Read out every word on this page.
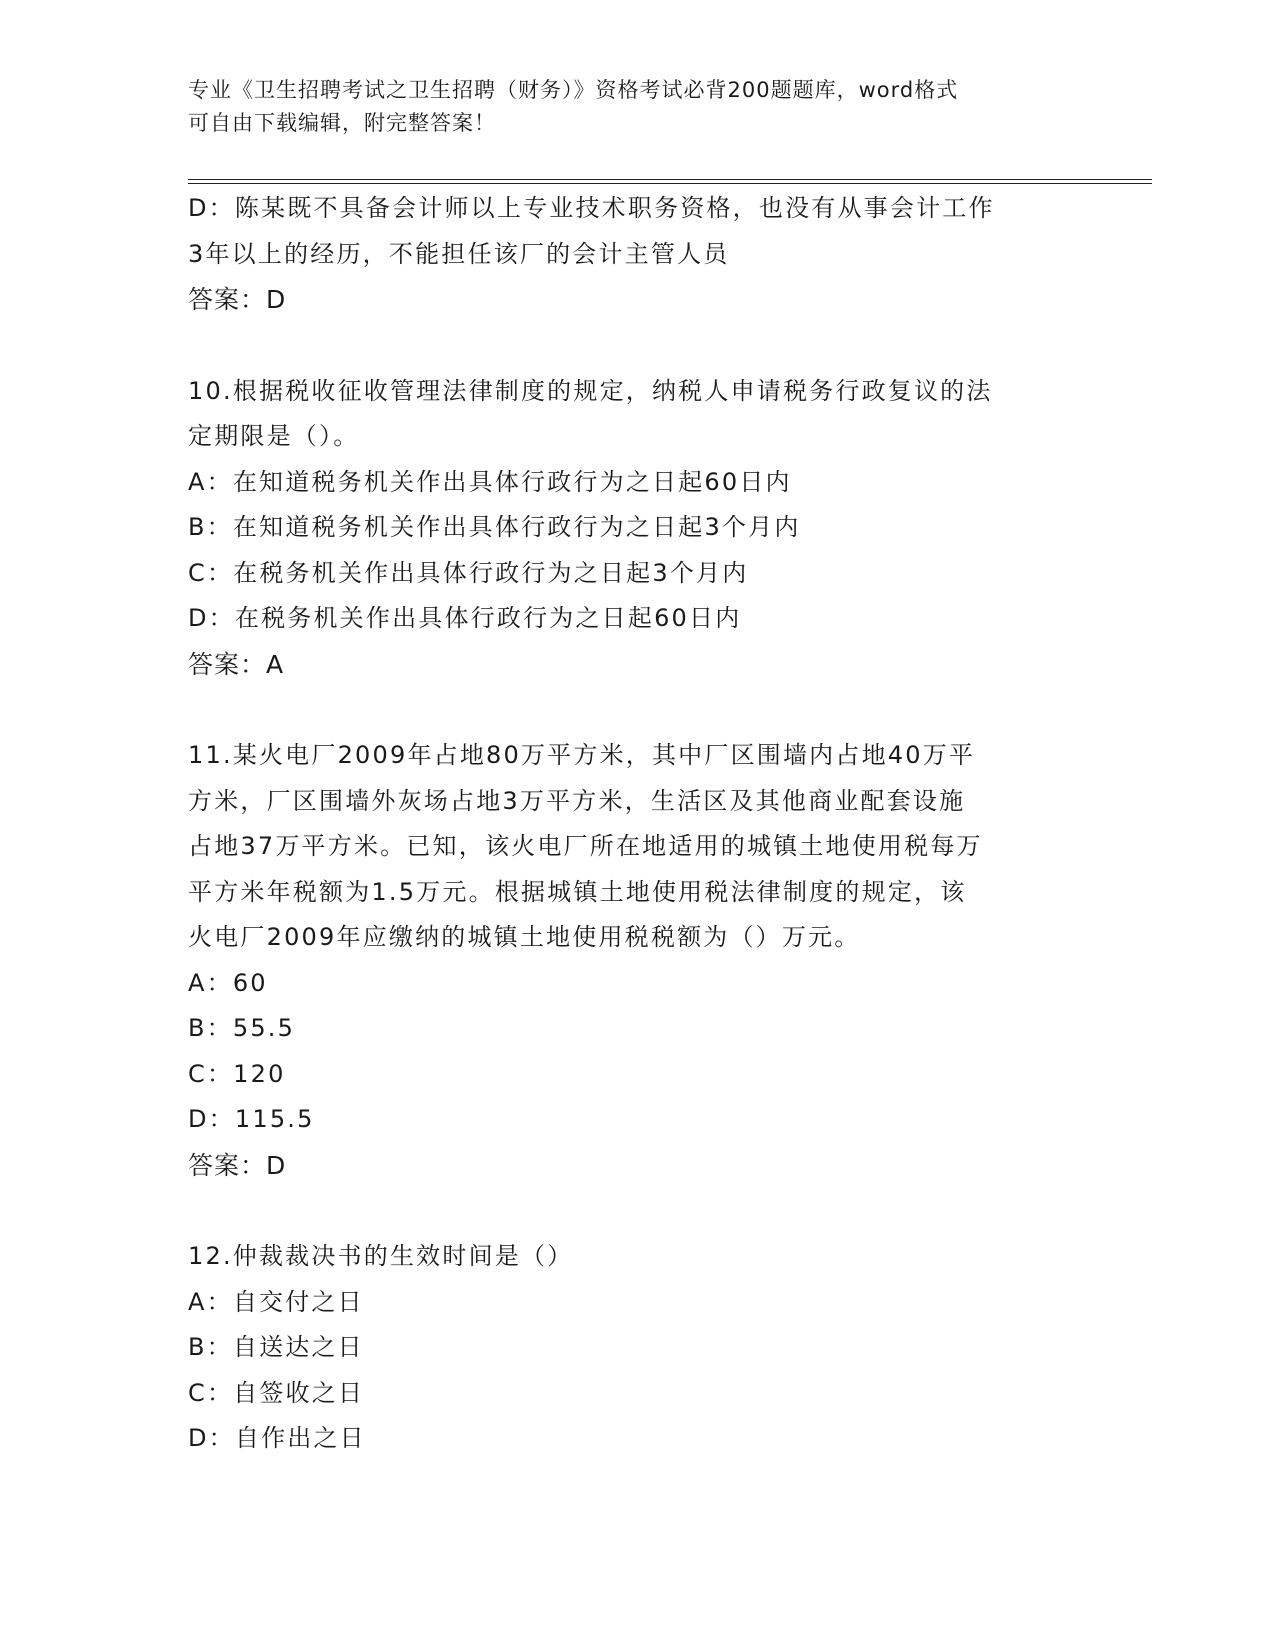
专业《卫生招聘考试之卫生招聘（财务）》资格考试必背200题题库，word格式
可自由下载编辑，附完整答案！

D：陈某既不具备会计师以上专业技术职务资格，也没有从事会计工作

3年以上的经历，不能担任该厂的会计主管人员

答案：D

10.根据税收征收管理法律制度的规定，纳税人申请税务行政复议的法

定期限是（）。

A：在知道税务机关作出具体行政行为之日起60日内

B：在知道税务机关作出具体行政行为之日起3个月内

C：在税务机关作出具体行政行为之日起3个月内

D：在税务机关作出具体行政行为之日起60日内

答案：A

11.某火电厂2009年占地80万平方米，其中厂区围墙内占地40万平

方米，厂区围墙外灰场占地3万平方米，生活区及其他商业配套设施

占地37万平方米。已知，该火电厂所在地适用的城镇土地使用税每万

平方米年税额为1.5万元。根据城镇土地使用税法律制度的规定，该

火电厂2009年应缴纳的城镇土地使用税税额为（）万元。

A：60

B：55.5

C：120

D：115.5

答案：D

12.仲裁裁决书的生效时间是（）

A：自交付之日

B：自送达之日

C：自签收之日

D：自作出之日
